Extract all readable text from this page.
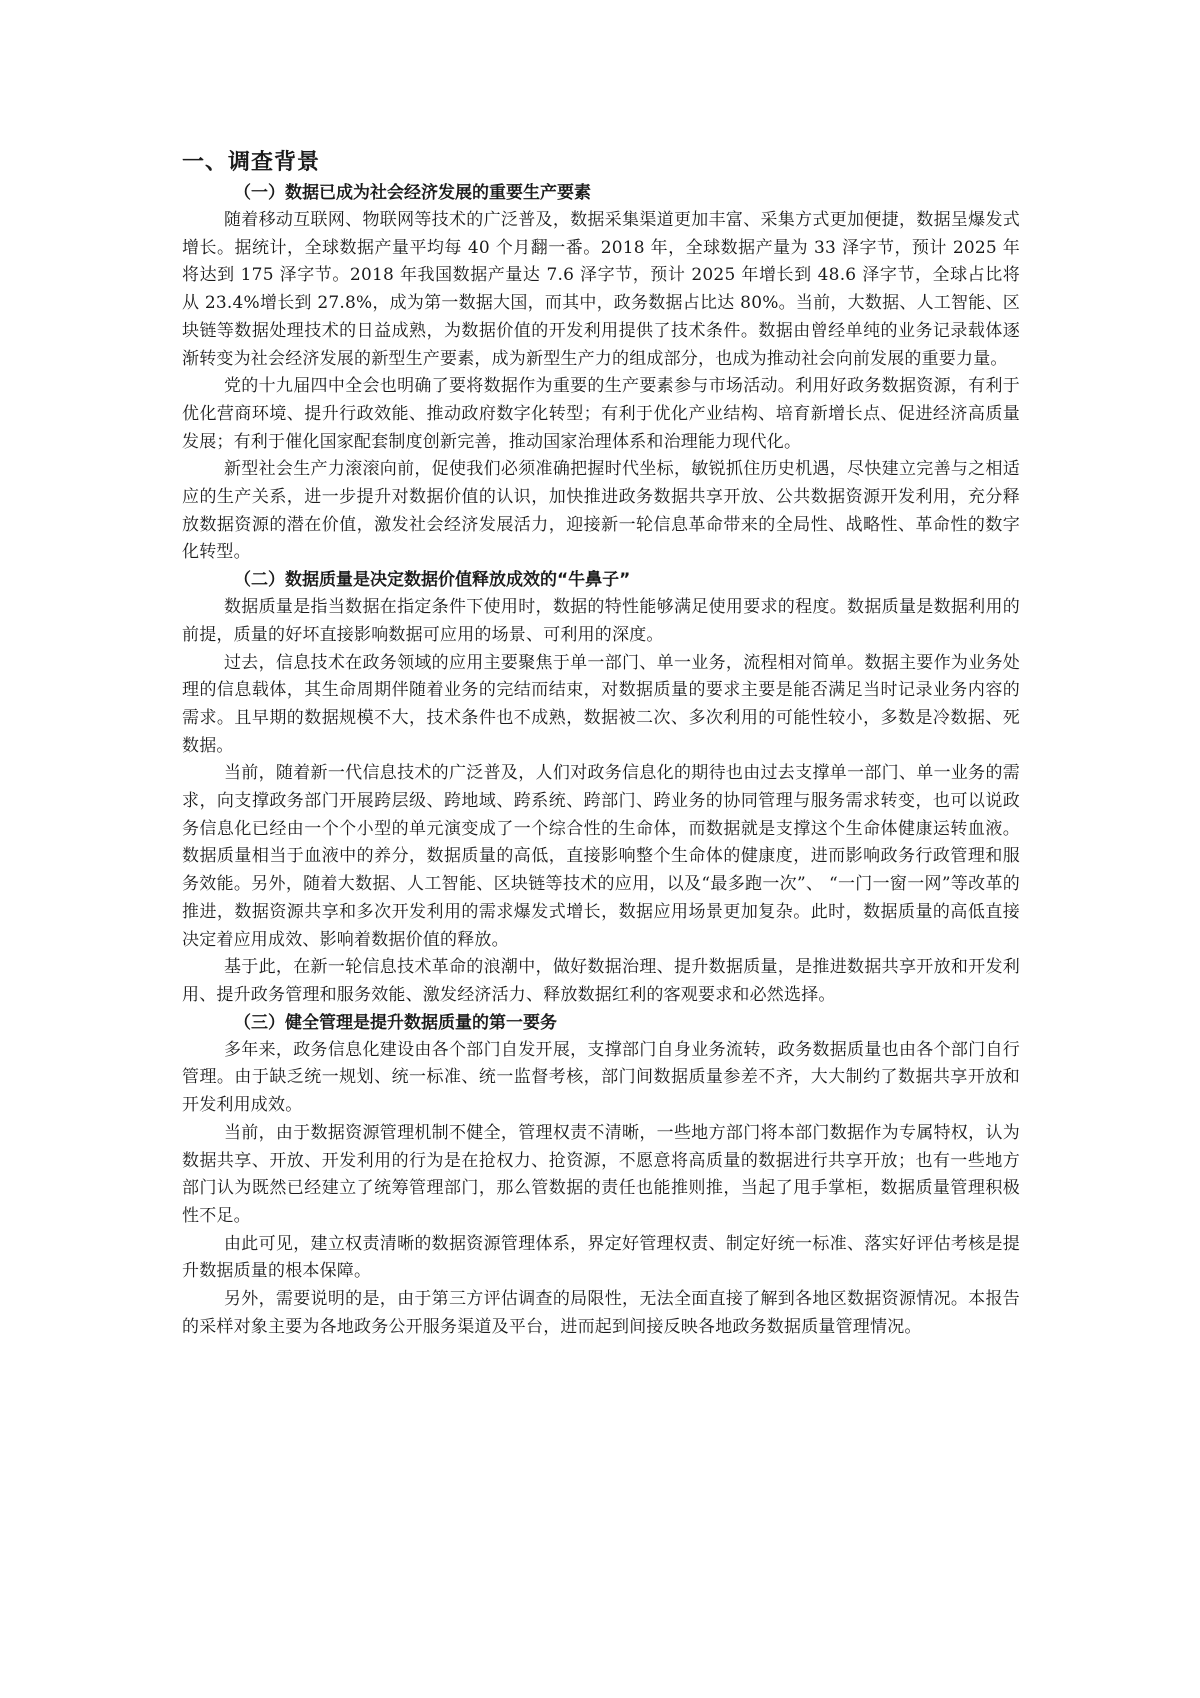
一、调查背景
（一）数据已成为社会经济发展的重要生产要素

随着移动互联网、物联网等技术的广泛普及，数据采集渠道更加丰富、采集方式更加便捷，数据呈爆发式增长。据统计，全球数据产量平均每 40 个月翻一番。2018 年，全球数据产量为 33 泽字节，预计 2025 年将达到 175 泽字节。2018 年我国数据产量达 7.6 泽字节，预计 2025 年增长到 48.6 泽字节，全球占比将从 23.4%增长到 27.8%，成为第一数据大国，而其中，政务数据占比达 80%。当前，大数据、人工智能、区块链等数据处理技术的日益成熟，为数据价值的开发利用提供了技术条件。数据由曾经单纯的业务记录载体逐渐转变为社会经济发展的新型生产要素，成为新型生产力的组成部分，也成为推动社会向前发展的重要力量。

党的十九届四中全会也明确了要将数据作为重要的生产要素参与市场活动。利用好政务数据资源，有利于优化营商环境、提升行政效能、推动政府数字化转型；有利于优化产业结构、培育新增长点、促进经济高质量发展；有利于催化国家配套制度创新完善，推动国家治理体系和治理能力现代化。

新型社会生产力滚滚向前，促使我们必须准确把握时代坐标，敏锐抓住历史机遇，尽快建立完善与之相适应的生产关系，进一步提升对数据价值的认识，加快推进政务数据共享开放、公共数据资源开发利用，充分释放数据资源的潜在价值，激发社会经济发展活力，迎接新一轮信息革命带来的全局性、战略性、革命性的数字化转型。

（二）数据质量是决定数据价值释放成效的“牛鼻子”

数据质量是指当数据在指定条件下使用时，数据的特性能够满足使用要求的程度。数据质量是数据利用的前提，质量的好坏直接影响数据可应用的场景、可利用的深度。

过去，信息技术在政务领域的应用主要聚焦于单一部门、单一业务，流程相对简单。数据主要作为业务处理的信息载体，其生命周期伴随着业务的完结而结束，对数据质量的要求主要是能否满足当时记录业务内容的需求。且早期的数据规模不大，技术条件也不成熟，数据被二次、多次利用的可能性较小，多数是冷数据、死数据。

当前，随着新一代信息技术的广泛普及，人们对政务信息化的期待也由过去支撑单一部门、单一业务的需求，向支撑政务部门开展跨层级、跨地域、跨系统、跨部门、跨业务的协同管理与服务需求转变，也可以说政务信息化已经由一个个小型的单元演变成了一个综合性的生命体，而数据就是支撑这个生命体健康运转血液。数据质量相当于血液中的养分，数据质量的高低，直接影响整个生命体的健康度，进而影响政务行政管理和服务效能。另外，随着大数据、人工智能、区块链等技术的应用，以及“最多跑一次”、 “一门一窗一网”等改革的推进，数据资源共享和多次开发利用的需求爆发式增长，数据应用场景更加复杂。此时，数据质量的高低直接决定着应用成效、影响着数据价值的释放。

基于此，在新一轮信息技术革命的浪潮中，做好数据治理、提升数据质量，是推进数据共享开放和开发利用、提升政务管理和服务效能、激发经济活力、释放数据红利的客观要求和必然选择。

（三）健全管理是提升数据质量的第一要务

多年来，政务信息化建设由各个部门自发开展，支撑部门自身业务流转，政务数据质量也由各个部门自行管理。由于缺乏统一规划、统一标准、统一监督考核，部门间数据质量参差不齐，大大制约了数据共享开放和开发利用成效。

当前，由于数据资源管理机制不健全，管理权责不清晰，一些地方部门将本部门数据作为专属特权，认为数据共享、开放、开发利用的行为是在抢权力、抢资源，不愿意将高质量的数据进行共享开放；也有一些地方部门认为既然已经建立了统筹管理部门，那么管数据的责任也能推则推，当起了甩手掌柜，数据质量管理积极性不足。

由此可见，建立权责清晰的数据资源管理体系，界定好管理权责、制定好统一标准、落实好评估考核是提升数据质量的根本保障。

另外，需要说明的是，由于第三方评估调查的局限性，无法全面直接了解到各地区数据资源情况。本报告的采样对象主要为各地政务公开服务渠道及平台，进而起到间接反映各地政务数据质量管理情况。
